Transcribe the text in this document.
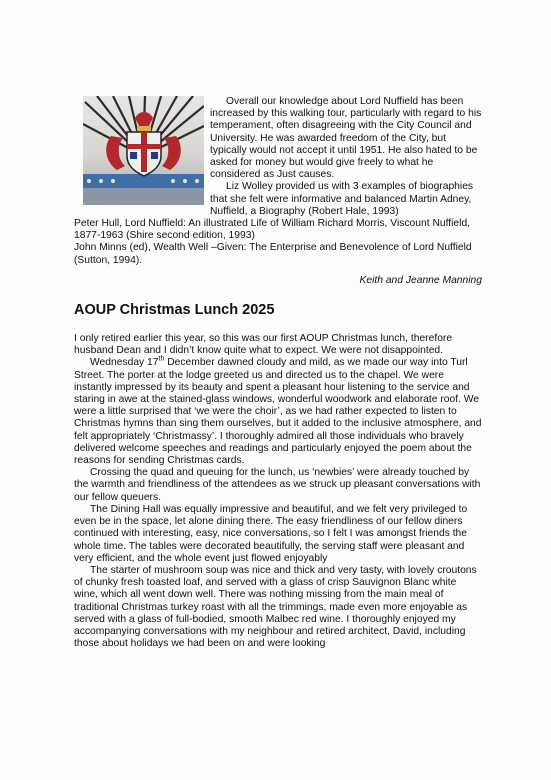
Overall our knowledge about Lord Nuffield has been increased by this walking tour, particularly with regard to his temperament, often disagreeing with the City Council and University. He was awarded freedom of the City, but typically would not accept it until 1951. He also hated to be asked for money but would give freely to what he considered as Just causes.

Liz Wolley provided us with 3 examples of biographies that she felt were informative and balanced Martin Adney, Nuffield, a Biography (Robert Hale, 1993)

Peter Hull, Lord Nuffield: An illustrated Life of William Richard Morris, Viscount Nuffield, 1877-1963 (Shire second edition, 1993)

John Minns (ed), Wealth Well –Given: The Enterprise and Benevolence of Lord Nuffield (Sutton, 1994).

Keith and Jeanne Manning

AOUP Christmas Lunch 2025

I only retired earlier this year, so this was our first AOUP Christmas lunch, therefore husband Dean and I didn’t know quite what to expect. We were not disappointed.

Wednesday 17th December dawned cloudy and mild, as we made our way into Turl Street. The porter at the lodge greeted us and directed us to the chapel. We were instantly impressed by its beauty and spent a pleasant hour listening to the service and staring in awe at the stained-glass windows, wonderful woodwork and elaborate roof. We were a little surprised that ‘we were the choir’, as we had rather expected to listen to Christmas hymns than sing them ourselves, but it added to the inclusive atmosphere, and felt appropriately ‘Christmassy’. I thoroughly admired all those individuals who bravely delivered welcome speeches and readings and particularly enjoyed the poem about the reasons for sending Christmas cards.

Crossing the quad and queuing for the lunch, us ‘newbies’ were already touched by the warmth and friendliness of the attendees as we struck up pleasant conversations with our fellow queuers.

The Dining Hall was equally impressive and beautiful, and we felt very privileged to even be in the space, let alone dining there. The easy friendliness of our fellow diners continued with interesting, easy, nice conversations, so I felt I was amongst friends the whole time. The tables were decorated beautifully, the serving staff were pleasant and very efficient, and the whole event just flowed enjoyably

The starter of mushroom soup was nice and thick and very tasty, with lovely croutons of chunky fresh toasted loaf, and served with a glass of crisp Sauvignon Blanc white wine, which all went down well. There was nothing missing from the main meal of traditional Christmas turkey roast with all the trimmings, made even more enjoyable as served with a glass of full-bodied, smooth Malbec red wine. I thoroughly enjoyed my accompanying conversations with my neighbour and retired architect, David, including those about holidays we had been on and were looking
